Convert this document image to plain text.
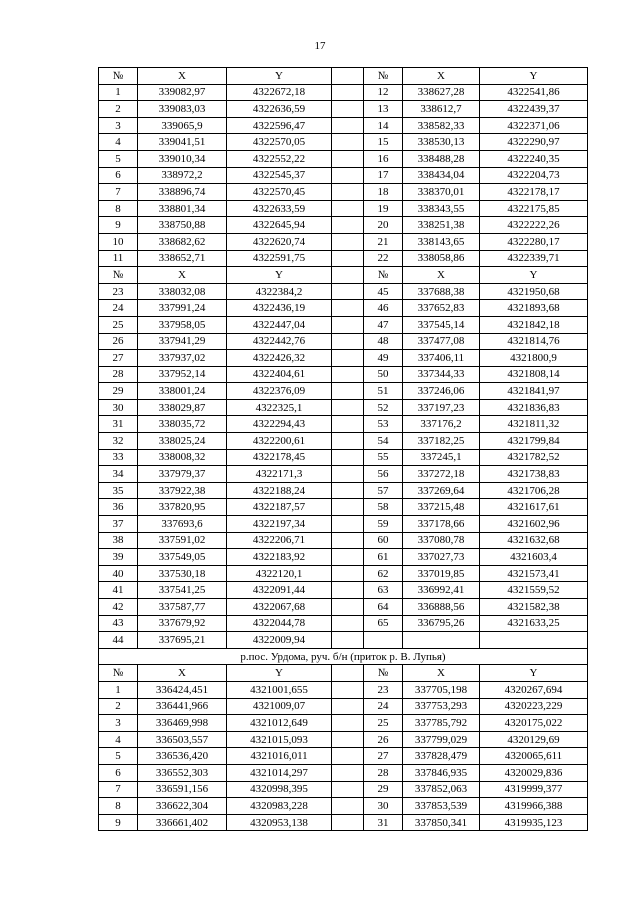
17
№	X	Y		№	X	Y
1	339082,97	4322672,18		12	338627,28	4322541,86
2	339083,03	4322636,59		13	338612,7	4322439,37
3	339065,9	4322596,47		14	338582,33	4322371,06
4	339041,51	4322570,05		15	338530,13	4322290,97
5	339010,34	4322552,22		16	338488,28	4322240,35
6	338972,2	4322545,37		17	338434,04	4322204,73
7	338896,74	4322570,45		18	338370,01	4322178,17
8	338801,34	4322633,59		19	338343,55	4322175,85
9	338750,88	4322645,94		20	338251,38	4322222,26
10	338682,62	4322620,74		21	338143,65	4322280,17
11	338652,71	4322591,75		22	338058,86	4322339,71
№	X	Y		№	X	Y
23	338032,08	4322384,2		45	337688,38	4321950,68
24	337991,24	4322436,19		46	337652,83	4321893,68
25	337958,05	4322447,04		47	337545,14	4321842,18
26	337941,29	4322442,76		48	337477,08	4321814,76
27	337937,02	4322426,32		49	337406,11	4321800,9
28	337952,14	4322404,61		50	337344,33	4321808,14
29	338001,24	4322376,09		51	337246,06	4321841,97
30	338029,87	4322325,1		52	337197,23	4321836,83
31	338035,72	4322294,43		53	337176,2	4321811,32
32	338025,24	4322200,61		54	337182,25	4321799,84
33	338008,32	4322178,45		55	337245,1	4321782,52
34	337979,37	4322171,3		56	337272,18	4321738,83
35	337922,38	4322188,24		57	337269,64	4321706,28
36	337820,95	4322187,57		58	337215,48	4321617,61
37	337693,6	4322197,34		59	337178,66	4321602,96
38	337591,02	4322206,71		60	337080,78	4321632,68
39	337549,05	4322183,92		61	337027,73	4321603,4
40	337530,18	4322120,1		62	337019,85	4321573,41
41	337541,25	4322091,44		63	336992,41	4321559,52
42	337587,77	4322067,68		64	336888,56	4321582,38
43	337679,92	4322044,78		65	336795,26	4321633,25
44	337695,21	4322009,94				
р.пос. Урдома, руч. б/н (приток р. В. Лупья)						
№	X	Y		№	X	Y
1	336424,451	4321001,655		23	337705,198	4320267,694
2	336441,966	4321009,07		24	337753,293	4320223,229
3	336469,998	4321012,649		25	337785,792	4320175,022
4	336503,557	4321015,093		26	337799,029	4320129,69
5	336536,420	4321016,011		27	337828,479	4320065,611
6	336552,303	4321014,297		28	337846,935	4320029,836
7	336591,156	4320998,395		29	337852,063	4319999,377
8	336622,304	4320983,228		30	337853,539	4319966,388
9	336661,402	4320953,138		31	337850,341	4319935,123
